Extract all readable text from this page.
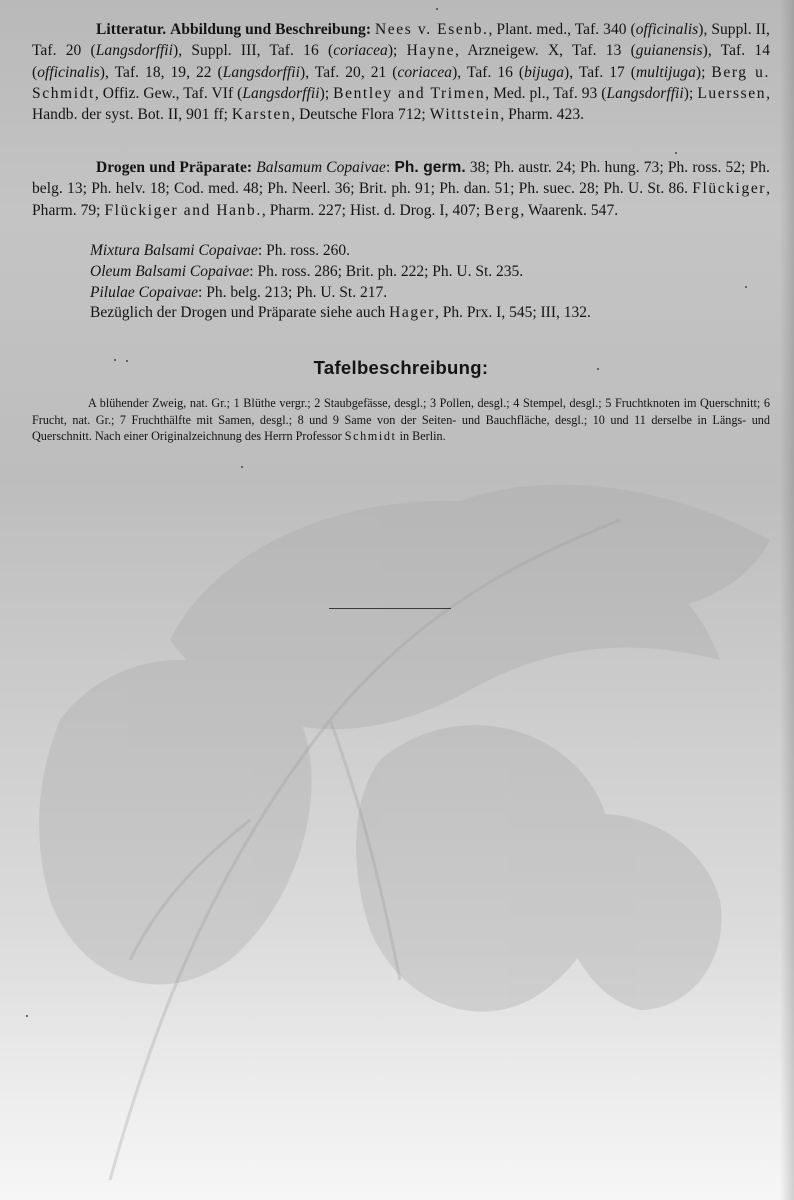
Litteratur. Abbildung und Beschreibung: Nees v. Esenb., Plant. med., Taf. 340 (officinalis), Suppl. II, Taf. 20 (Langsdorffii), Suppl. III, Taf. 16 (coriacea); Hayne, Arzneigew. X, Taf. 13 (guianensis), Taf. 14 (officinalis), Taf. 18, 19, 22 (Langsdorffii), Taf. 20, 21 (coriacea), Taf. 16 (bijuga), Taf. 17 (multijuga); Berg u. Schmidt, Offiz. Gew., Taf. VIf (Langsdorffii); Bentley and Trimen, Med. pl., Taf. 93 (Langsdorffii); Luerssen, Handb. der syst. Bot. II, 901 ff; Karsten, Deutsche Flora 712; Wittstein, Pharm. 423.

Drogen und Präparate: Balsamum Copaivae: Ph. germ. 38; Ph. austr. 24; Ph. hung. 73; Ph. ross. 52; Ph. belg. 13; Ph. helv. 18; Cod. med. 48; Ph. Neerl. 36; Brit. ph. 91; Ph. dan. 51; Ph. suec. 28; Ph. U. St. 86. Flückiger, Pharm. 79; Flückiger and Hanb., Pharm. 227; Hist. d. Drog. I, 407; Berg, Waarenk. 547.

Mixtura Balsami Copaivae: Ph. ross. 260.
Oleum Balsami Copaivae: Ph. ross. 286; Brit. ph. 222; Ph. U. St. 235.
Pilulae Copaivae: Ph. belg. 213; Ph. U. St. 217.
Bezüglich der Drogen und Präparate siehe auch Hager, Ph. Prx. I, 545; III, 132.
Tafelbeschreibung:

A blühender Zweig, nat. Gr.; 1 Blüthe vergr.; 2 Staubgefässe, desgl.; 3 Pollen, desgl.; 4 Stempel, desgl.; 5 Fruchtknoten im Querschnitt; 6 Frucht, nat. Gr.; 7 Fruchthälfte mit Samen, desgl.; 8 und 9 Same von der Seiten- und Bauchfläche, desgl.; 10 und 11 derselbe in Längs- und Querschnitt. Nach einer Originalzeichnung des Herrn Professor Schmidt in Berlin.
